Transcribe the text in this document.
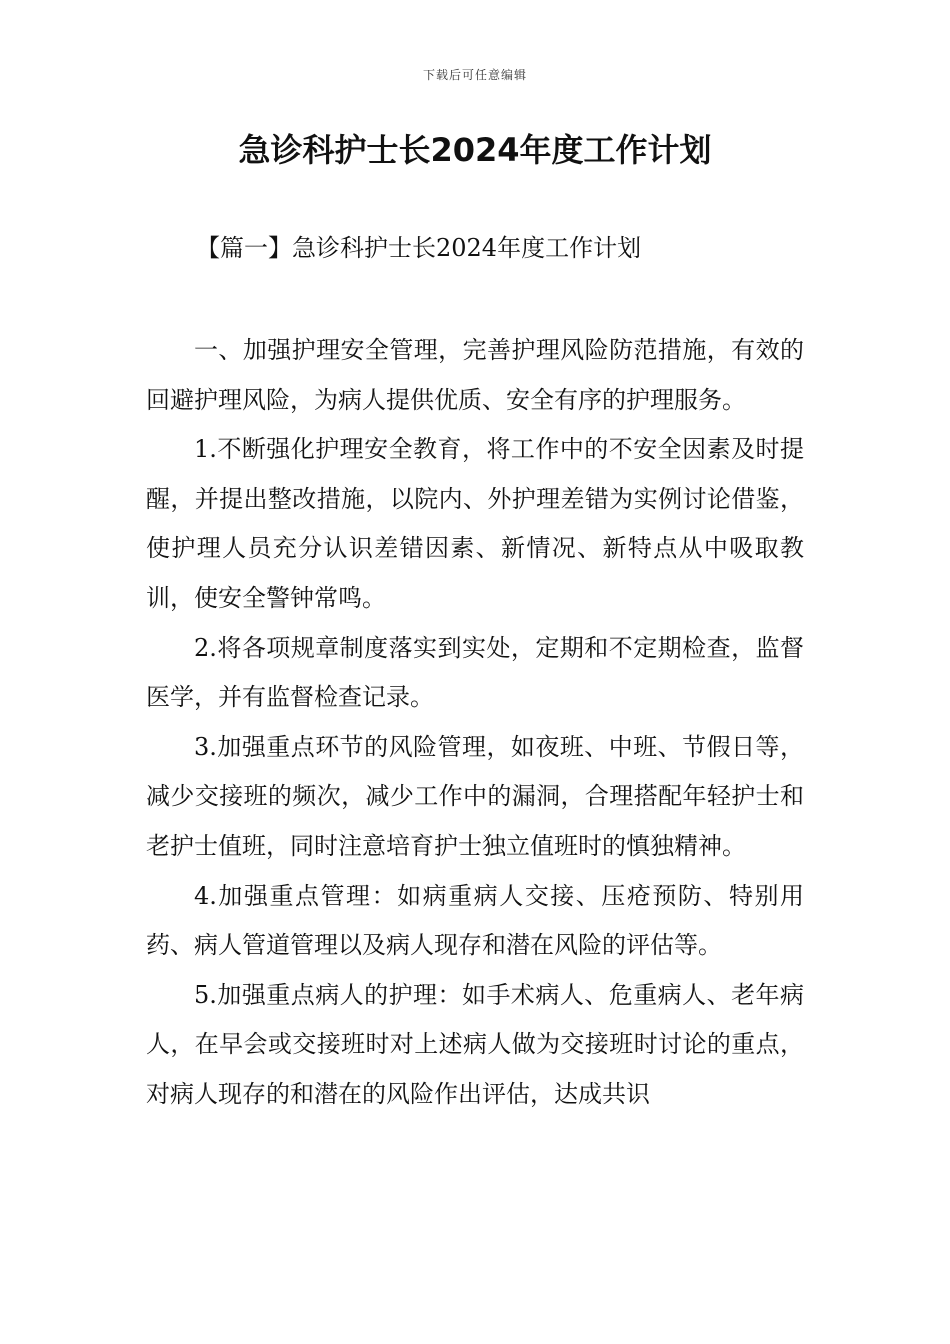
下载后可任意编辑
急诊科护士长2024年度工作计划

【篇一】急诊科护士长2024年度工作计划

一、加强护理安全管理，完善护理风险防范措施，有效的回避护理风险，为病人提供优质、安全有序的护理服务。

1.不断强化护理安全教育，将工作中的不安全因素及时提醒，并提出整改措施，以院内、外护理差错为实例讨论借鉴，使护理人员充分认识差错因素、新情况、新特点从中吸取教训，使安全警钟常鸣。

2.将各项规章制度落实到实处，定期和不定期检查，监督医学，并有监督检查记录。

3.加强重点环节的风险管理，如夜班、中班、节假日等，减少交接班的频次，减少工作中的漏洞，合理搭配年轻护士和老护士值班，同时注意培育护士独立值班时的慎独精神。

4.加强重点管理：如病重病人交接、压疮预防、特别用药、病人管道管理以及病人现存和潜在风险的评估等。

5.加强重点病人的护理：如手术病人、危重病人、老年病人，在早会或交接班时对上述病人做为交接班时讨论的重点，对病人现存的和潜在的风险作出评估，达成共识
